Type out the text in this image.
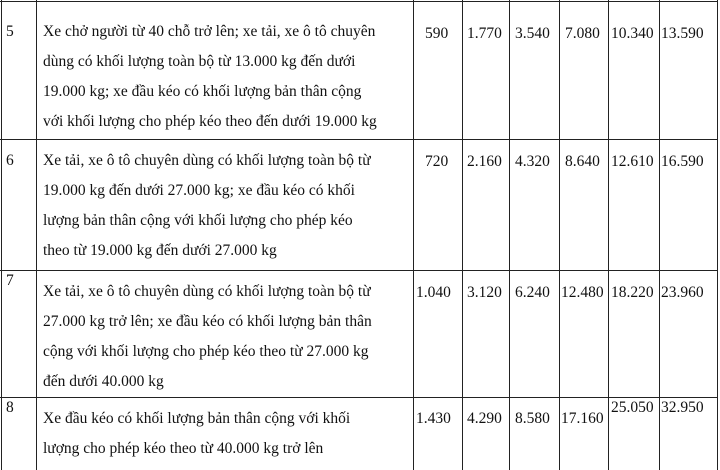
5 Xe chở người từ 40 chỗ trở lên; xe tải, xe ô tô chuyên
dùng có khối lượng toàn bộ từ 13.000 kg đến dưới
19.000 kg; xe đầu kéo có khối lượng bản thân cộng
với khối lượng cho phép kéo theo đến dưới 19.000 kg
590 1.770 3.540 7.080 10.340 13.590
6 Xe tải, xe ô tô chuyên dùng có khối lượng toàn bộ từ
19.000 kg đến dưới 27.000 kg; xe đầu kéo có khối
lượng bản thân cộng với khối lượng cho phép kéo
theo từ 19.000 kg đến dưới 27.000 kg
720 2.160 4.320 8.640 12.610 16.590
7
Xe tải, xe ô tô chuyên dùng có khối lượng toàn bộ từ
27.000 kg trở lên; xe đầu kéo có khối lượng bản thân
cộng với khối lượng cho phép kéo theo từ 27.000 kg
đến dưới 40.000 kg
1.040 3.120 6.240 12.480 18.220 23.960
8
Xe đầu kéo có khối lượng bản thân cộng với khối
lượng cho phép kéo theo từ 40.000 kg trở lên
1.430 4.290 8.580 17.160
25.050 32.950
